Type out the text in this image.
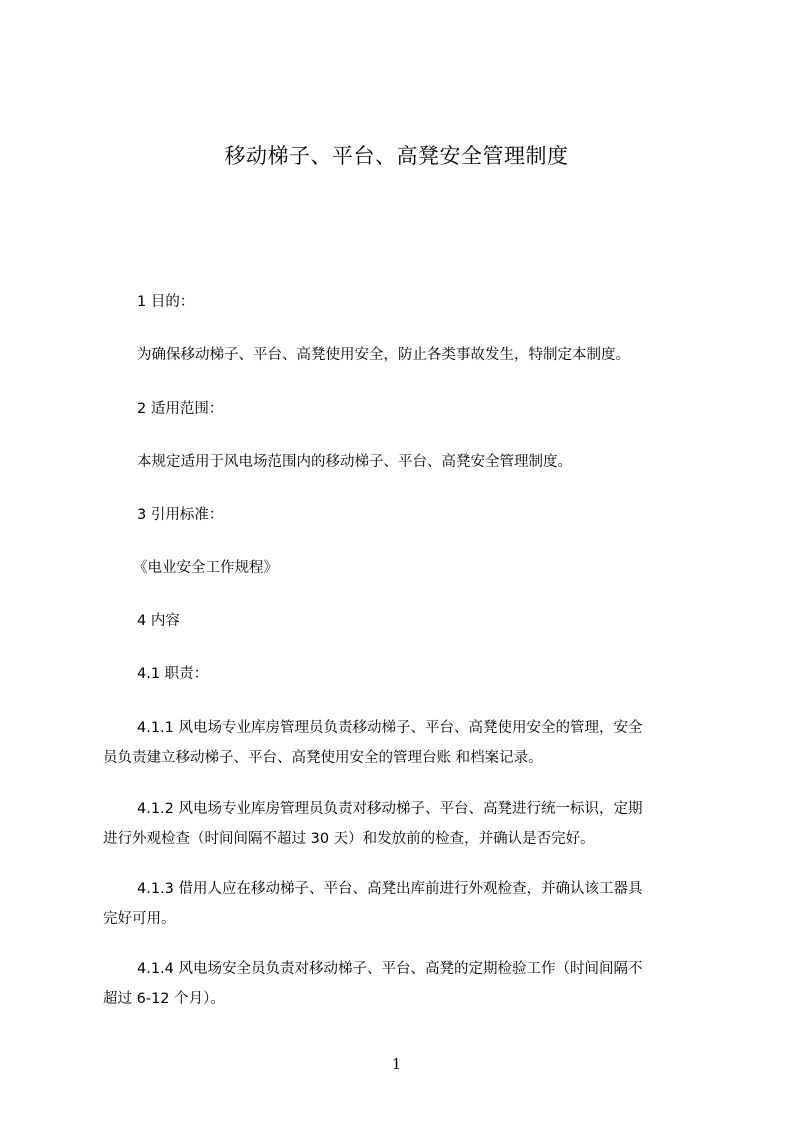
移动梯子、平台、高凳安全管理制度
1 目的：
为确保移动梯子、平台、高凳使用安全，防止各类事故发生，特制定本制度。
2 适用范围：
本规定适用于风电场范围内的移动梯子、平台、高凳安全管理制度。
3 引用标准：
《电业安全工作规程》
4 内容
4.1 职责：
4.1.1 风电场专业库房管理员负责移动梯子、平台、高凳使用安全的管理，安全
员负责建立移动梯子、平台、高凳使用安全的管理台账 和档案记录。
4.1.2 风电场专业库房管理员负责对移动梯子、平台、高凳进行统一标识，定期
进行外观检查（时间间隔不超过 30 天）和发放前的检查，并确认是否完好。
4.1.3 借用人应在移动梯子、平台、高凳出库前进行外观检查，并确认该工器具
完好可用。
4.1.4 风电场安全员负责对移动梯子、平台、高凳的定期检验工作（时间间隔不
超过 6-12 个月）。
1
